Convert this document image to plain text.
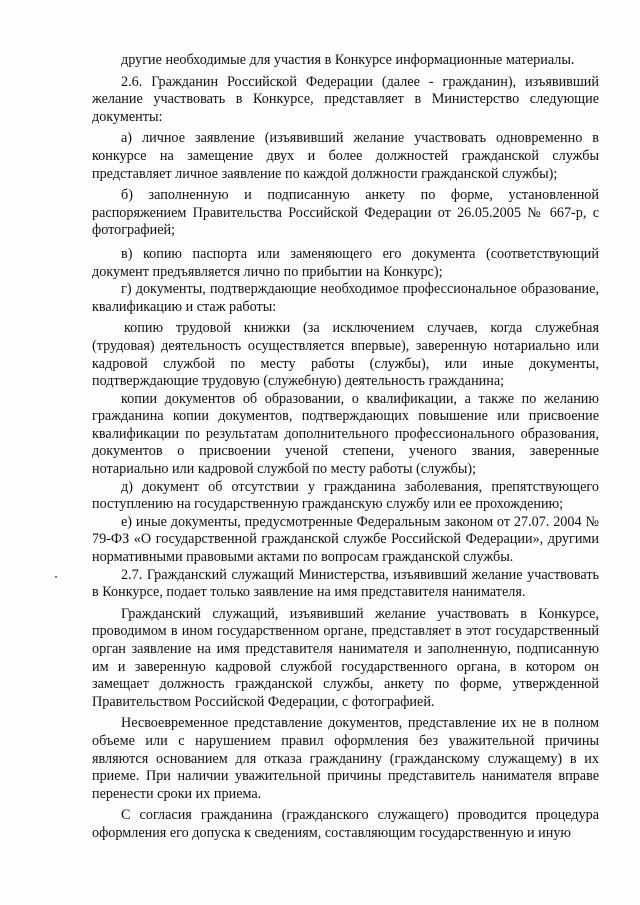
другие необходимые для участия в Конкурсе информационные материалы.

2.6. Гражданин Российской Федерации (далее - гражданин), изъявивший желание участвовать в Конкурсе, представляет в Министерство следующие документы:

а) личное заявление (изъявивший желание участвовать одновременно в конкурсе на замещение двух и более должностей гражданской службы представляет личное заявление по каждой должности гражданской службы);

б) заполненную и подписанную анкету по форме, установленной распоряжением Правительства Российской Федерации от 26.05.2005 № 667-р, с фотографией;

в) копию паспорта или заменяющего его документа (соответствующий документ предъявляется лично по прибытии на Конкурс);

г) документы, подтверждающие необходимое профессиональное образование, квалификацию и стаж работы:

копию трудовой книжки (за исключением случаев, когда служебная (трудовая) деятельность осуществляется впервые), заверенную нотариально или кадровой службой по месту работы (службы), или иные документы, подтверждающие трудовую (служебную) деятельность гражданина;

копии документов об образовании, о квалификации, а также по желанию гражданина копии документов, подтверждающих повышение или присвоение квалификации по результатам дополнительного профессионального образования, документов о присвоении ученой степени, ученого звания, заверенные нотариально или кадровой службой по месту работы (службы);

д) документ об отсутствии у гражданина заболевания, препятствующего поступлению на государственную гражданскую службу или ее прохождению;

е) иные документы, предусмотренные Федеральным законом от 27.07. 2004 № 79-ФЗ «О государственной гражданской службе Российской Федерации», другими нормативными правовыми актами по вопросам гражданской службы.

2.7. Гражданский служащий Министерства, изъявивший желание участвовать в Конкурсе, подает только заявление на имя представителя нанимателя.

Гражданский служащий, изъявивший желание участвовать в Конкурсе, проводимом в ином государственном органе, представляет в этот государственный орган заявление на имя представителя нанимателя и заполненную, подписанную им и заверенную кадровой службой государственного органа, в котором он замещает должность гражданской службы, анкету по форме, утвержденной Правительством Российской Федерации, с фотографией.

Несвоевременное представление документов, представление их не в полном объеме или с нарушением правил оформления без уважительной причины являются основанием для отказа гражданину (гражданскому служащему) в их приеме. При наличии уважительной причины представитель нанимателя вправе перенести сроки их приема.

С согласия гражданина (гражданского служащего) проводится процедура оформления его допуска к сведениям, составляющим государственную и иную
